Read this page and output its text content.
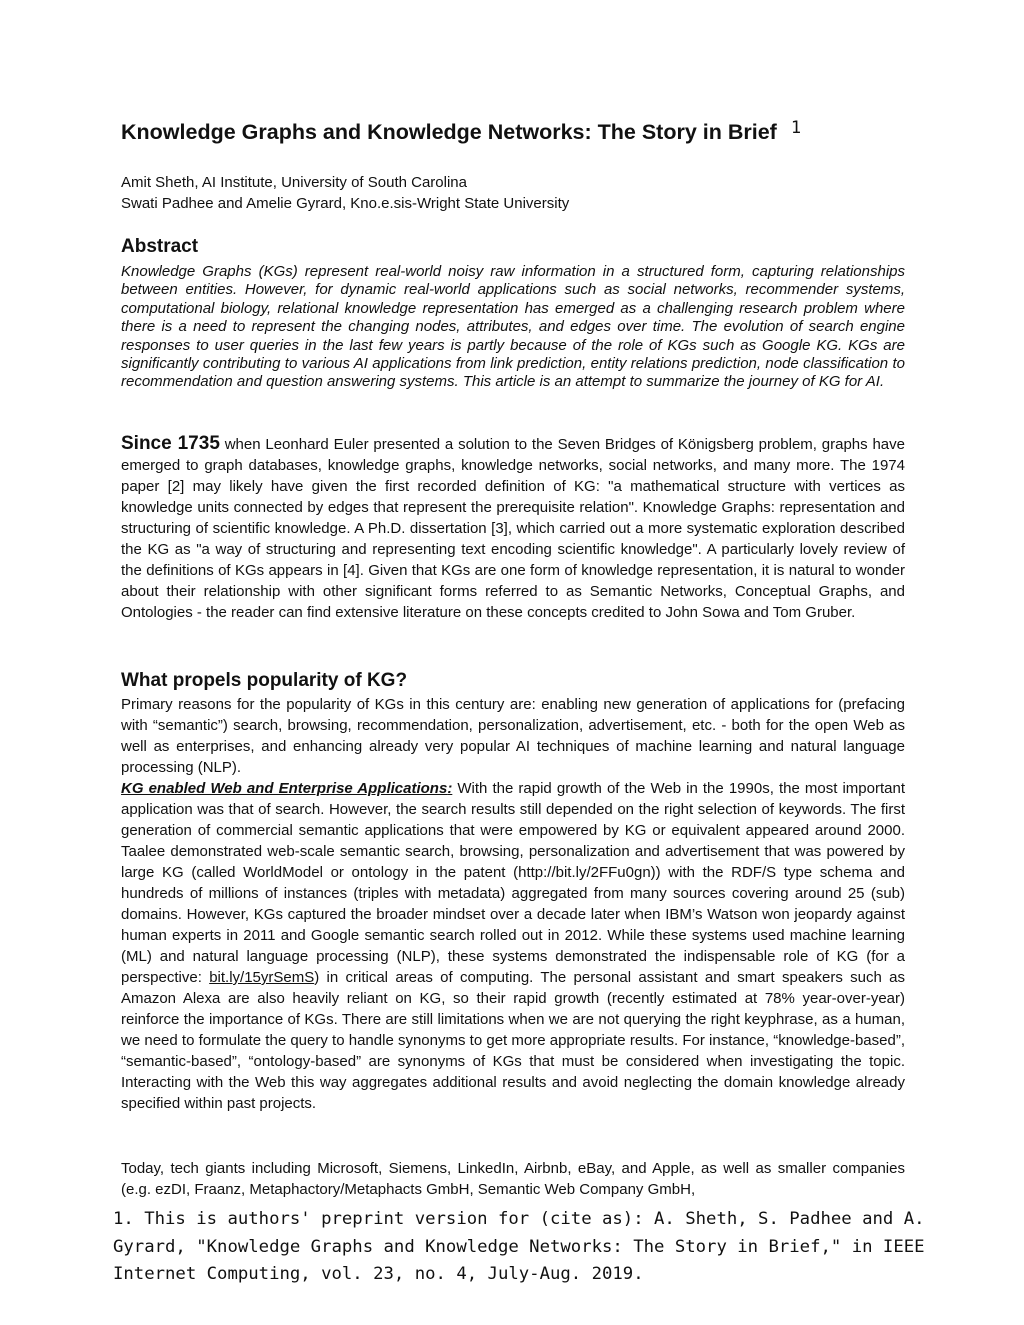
Knowledge Graphs and Knowledge Networks: The Story in Brief $^1$
Amit Sheth, AI Institute, University of South Carolina
Swati Padhee and Amelie Gyrard, Kno.e.sis-Wright State University
Abstract

Knowledge Graphs (KGs) represent real-world noisy raw information in a structured form, capturing relationships between entities. However, for dynamic real-world applications such as social networks, recommender systems, computational biology, relational knowledge representation has emerged as a challenging research problem where there is a need to represent the changing nodes, attributes, and edges over time. The evolution of search engine responses to user queries in the last few years is partly because of the role of KGs such as Google KG. KGs are significantly contributing to various AI applications from link prediction, entity relations prediction, node classification to recommendation and question answering systems. This article is an attempt to summarize the journey of KG for AI.

Since 1735 when Leonhard Euler presented a solution to the Seven Bridges of Königsberg problem, graphs have emerged to graph databases, knowledge graphs, knowledge networks, social networks, and many more. The 1974 paper [2] may likely have given the first recorded definition of KG: "a mathematical structure with vertices as knowledge units connected by edges that represent the prerequisite relation". Knowledge Graphs: representation and structuring of scientific knowledge. A Ph.D. dissertation [3], which carried out a more systematic exploration described the KG as "a way of structuring and representing text encoding scientific knowledge". A particularly lovely review of the definitions of KGs appears in [4]. Given that KGs are one form of knowledge representation, it is natural to wonder about their relationship with other significant forms referred to as Semantic Networks, Conceptual Graphs, and Ontologies - the reader can find extensive literature on these concepts credited to John Sowa and Tom Gruber.

What propels popularity of KG?

Primary reasons for the popularity of KGs in this century are: enabling new generation of applications for (prefacing with “semantic”) search, browsing, recommendation, personalization, advertisement, etc. - both for the open Web as well as enterprises, and enhancing already very popular AI techniques of machine learning and natural language processing (NLP).

KG enabled Web and Enterprise Applications: With the rapid growth of the Web in the 1990s, the most important application was that of search. However, the search results still depended on the right selection of keywords. The first generation of commercial semantic applications that were empowered by KG or equivalent appeared around 2000. Taalee demonstrated web-scale semantic search, browsing, personalization and advertisement that was powered by large KG (called WorldModel or ontology in the patent (http://bit.ly/2FFu0gn)) with the RDF/S type schema and hundreds of millions of instances (triples with metadata) aggregated from many sources covering around 25 (sub) domains. However, KGs captured the broader mindset over a decade later when IBM’s Watson won jeopardy against human experts in 2011 and Google semantic search rolled out in 2012. While these systems used machine learning (ML) and natural language processing (NLP), these systems demonstrated the indispensable role of KG (for a perspective: bit.ly/15yrSemS) in critical areas of computing. The personal assistant and smart speakers such as Amazon Alexa are also heavily reliant on KG, so their rapid growth (recently estimated at 78% year-over-year) reinforce the importance of KGs. There are still limitations when we are not querying the right keyphrase, as a human, we need to formulate the query to handle synonyms to get more appropriate results. For instance, “knowledge-based”, “semantic-based”, “ontology-based” are synonyms of KGs that must be considered when investigating the topic. Interacting with the Web this way aggregates additional results and avoid neglecting the domain knowledge already specified within past projects.

Today, tech giants including Microsoft, Siemens, LinkedIn, Airbnb, eBay, and Apple, as well as smaller companies (e.g. ezDI, Fraanz, Metaphactory/Metaphacts GmbH, Semantic Web Company GmbH,

1. This is authors' preprint version for (cite as): A. Sheth, S. Padhee and A. Gyrard, "Knowledge Graphs and Knowledge Networks: The Story in Brief," in IEEE Internet Computing, vol. 23, no. 4, July-Aug. 2019.
